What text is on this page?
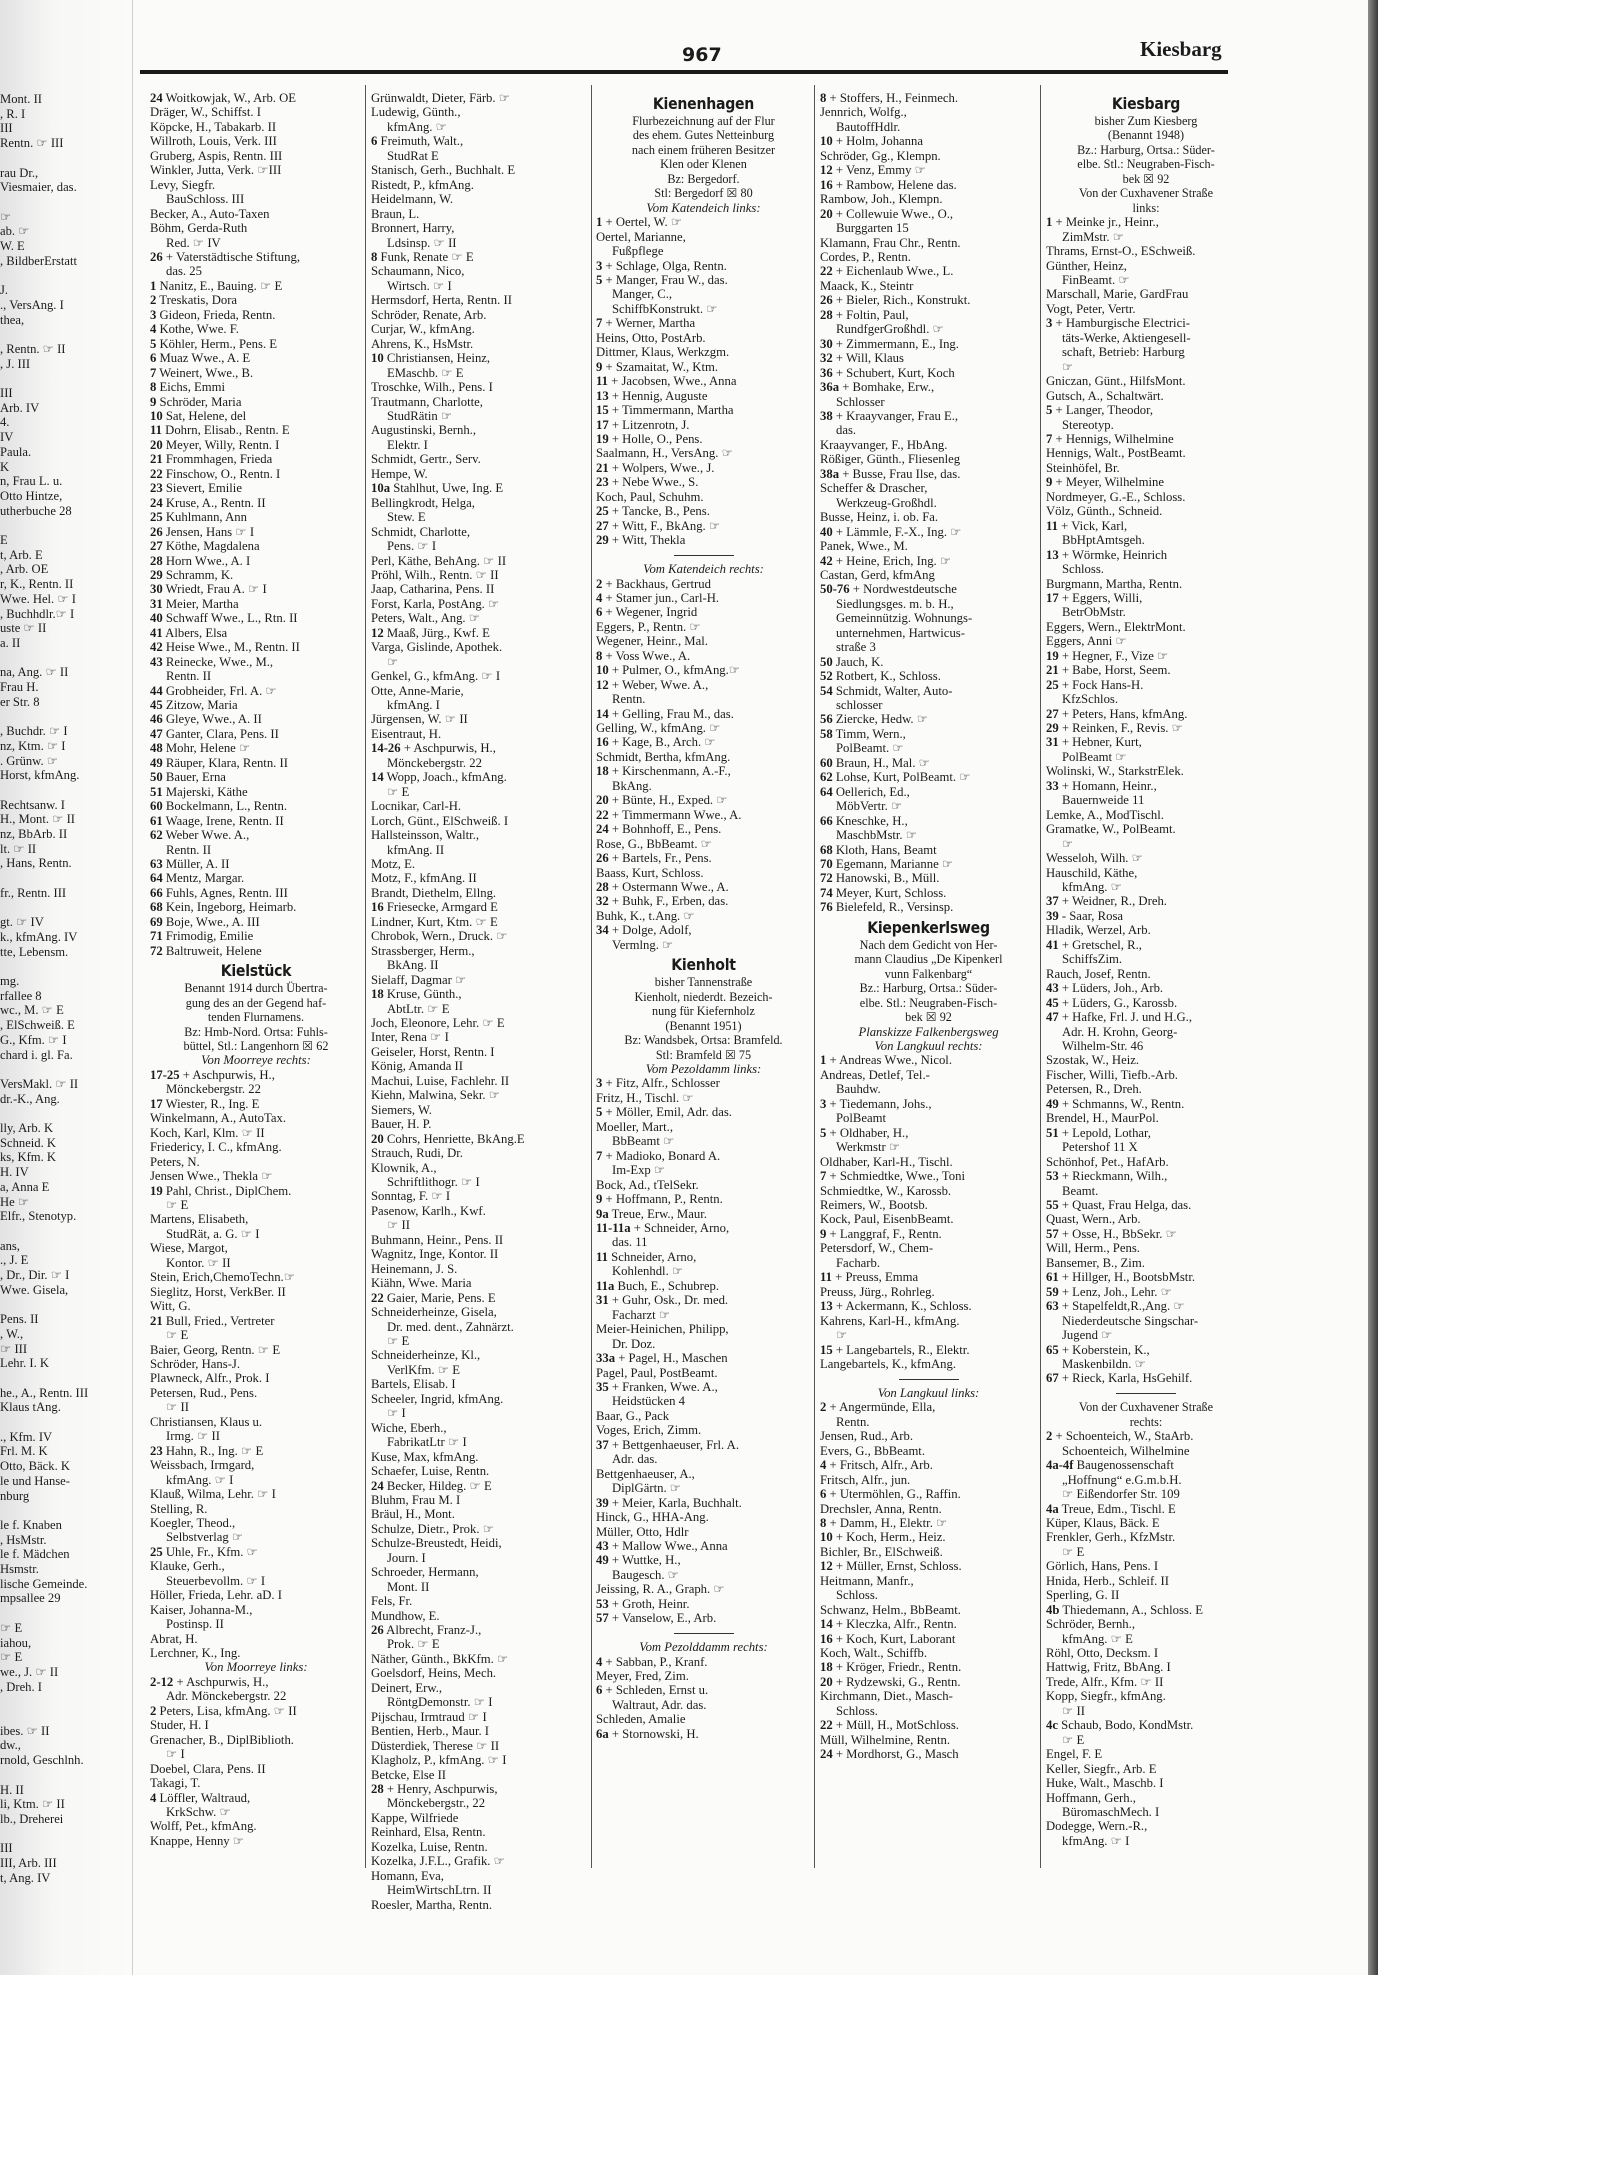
Mont. II
, R. I
III
Rentn. ☞ III
rau Dr.,
Viesmaier, das.
☞
ab. ☞
W. E
, BildberErstatt
J.
., VersAng. I
thea,
, Rentn. ☞ II
, J. III
III
Arb. IV
4.
IV
Paula.
K
n, Frau L. u.
Otto Hintze,
utherbuche 28
E
t, Arb. E
, Arb. OE
r, K., Rentn. II
Wwe. Hel. ☞ I
, Buchhdlr.☞ I
uste ☞ II
a. II
na, Ang. ☞ II
Frau H.
er Str. 8
, Buchdr. ☞ I
nz, Ktm. ☞ I
. Grünw. ☞
Horst, kfmAng.
Rechtsanw. I
H., Mont. ☞ II
nz, BbArb. II
lt. ☞ II
, Hans, Rentn.
fr., Rentn. III
gt. ☞ IV
k., kfmAng. IV
tte, Lebensm.
mg.
rfallee 8
wc., M. ☞ E
, ElSchweiß. E
G., Kfm. ☞ I
chard i. gl. Fa.
VersMakl. ☞ II
dr.-K., Ang.
lly, Arb. K
Schneid. K
ks, Kfm. K
H. IV
a, Anna E
He ☞
Elfr., Stenotyp.
ans,
., J. E
, Dr., Dir. ☞ I
Wwe. Gisela,
Pens. II
, W.,
☞ III
Lehr. I. K
he., A., Rentn. III
Klaus tAng.
., Kfm. IV
Frl. M. K
Otto, Bäck. K
le und Hanse-
nburg
le f. Knaben
, HsMstr.
le f. Mädchen
Hsmstr.
lische Gemeinde.
mpsallee 29
☞ E
iahou,
☞ E
we., J. ☞ II
, Dreh. I
ibes. ☞ II
dw.,
rnold, Geschlnh.
H. II
li, Ktm. ☞ II
lb., Dreherei
III
III, Arb. III
t, Ang. IV
967	Kiesbarg
24 Woitkowjak, W., Arb. OE
Dräger, W., Schiffst. I
Köpcke, H., Tabakarb. II
Willroth, Louis, Verk. III
Gruberg, Aspis, Rentn. III
Winkler, Jutta, Verk. ☞III
Levy, Siegfr.
BauSchloss. III
Becker, A., Auto-Taxen
Böhm, Gerda-Ruth
Red. ☞ IV
26 + Vaterstädtische Stiftung,
das. 25
1 Nanitz, E., Bauing. ☞ E
2 Treskatis, Dora
3 Gideon, Frieda, Rentn.
4 Kothe, Wwe. F.
5 Köhler, Herm., Pens. E
6 Muaz Wwe., A. E
7 Weinert, Wwe., B.
8 Eichs, Emmi
9 Schröder, Maria
10 Sat, Helene, del
11 Dohrn, Elisab., Rentn. E
20 Meyer, Willy, Rentn. I
21 Frommhagen, Frieda
22 Finschow, O., Rentn. I
23 Sievert, Emilie
24 Kruse, A., Rentn. II
25 Kuhlmann, Ann
26 Jensen, Hans ☞ I
27 Köthe, Magdalena
28 Horn Wwe., A. I
29 Schramm, K.
30 Wriedt, Frau A. ☞ I
31 Meier, Martha
40 Schwaff Wwe., L., Rtn. II
41 Albers, Elsa
42 Heise Wwe., M., Rentn. II
43 Reinecke, Wwe., M.,
Rentn. II
44 Grobheider, Frl. A. ☞
45 Zitzow, Maria
46 Gleye, Wwe., A. II
47 Ganter, Clara, Pens. II
48 Mohr, Helene ☞
49 Räuper, Klara, Rentn. II
50 Bauer, Erna
51 Majerski, Käthe
60 Bockelmann, L., Rentn.
61 Waage, Irene, Rentn. II
62 Weber Wwe. A.,
Rentn. II
63 Müller, A. II
64 Mentz, Margar.
66 Fuhls, Agnes, Rentn. III
68 Kein, Ingeborg, Heimarb.
69 Boje, Wwe., A. III
71 Frimodig, Emilie
72 Baltruweit, Helene
Kielstück
Benannt 1914 durch Übertra-
gung des an der Gegend haf-
tenden Flurnamens.
Bz: Hmb-Nord. Ortsa: Fuhls-
büttel, Stl.: Langenhorn ☒ 62
Von Moorreye rechts:
17-25 + Aschpurwis, H.,
Mönckebergstr. 22
17 Wiester, R., Ing. E
Winkelmann, A., AutoTax.
Koch, Karl, Klm. ☞ II
Friedericy, I. C., kfmAng.
Peters, N.
Jensen Wwe., Thekla ☞
19 Pahl, Christ., DiplChem.
☞ E
Martens, Elisabeth,
StudRät, a. G. ☞ I
Wiese, Margot,
Kontor. ☞ II
Stein, Erich,ChemoTechn.☞
Sieglitz, Horst, VerkBer. II
Witt, G.
21 Bull, Fried., Vertreter
☞ E
Baier, Georg, Rentn. ☞ E
Schröder, Hans-J.
Plawneck, Alfr., Prok. I
Petersen, Rud., Pens.
☞ II
Christiansen, Klaus u.
Irmg. ☞ II
23 Hahn, R., Ing. ☞ E
Weissbach, Irmgard,
kfmAng. ☞ I
Klauß, Wilma, Lehr. ☞ I
Stelling, R.
Koegler, Theod.,
Selbstverlag ☞
25 Uhle, Fr., Kfm. ☞
Klauke, Gerh.,
Steuerbevollm. ☞ I
Höller, Frieda, Lehr. aD. I
Kaiser, Johanna-M.,
Postinsp. II
Abrat, H.
Lerchner, K., Ing.
Von Moorreye links:
2-12 + Aschpurwis, H.,
Adr. Mönckebergstr. 22
2 Peters, Lisa, kfmAng. ☞ II
Studer, H. I
Grenacher, B., DiplBiblioth.
☞ I
Doebel, Clara, Pens. II
Takagi, T.
4 Löffler, Waltraud,
KrkSchw. ☞
Wolff, Pet., kfmAng.
Knappe, Henny ☞
Grünwaldt, Dieter, Färb. ☞
Ludewig, Günth.,
kfmAng. ☞
6 Freimuth, Walt.,
StudRat E
Stanisch, Gerh., Buchhalt. E
Ristedt, P., kfmAng.
Heidelmann, W.
Braun, L.
Bronnert, Harry,
Ldsinsp. ☞ II
8 Funk, Renate ☞ E
Schaumann, Nico,
Wirtsch. ☞ I
Hermsdorf, Herta, Rentn. II
Schröder, Renate, Arb.
Curjar, W., kfmAng.
Ahrens, K., HsMstr.
10 Christiansen, Heinz,
EMaschb. ☞ E
Troschke, Wilh., Pens. I
Trautmann, Charlotte,
StudRätin ☞
Augustinski, Bernh.,
Elektr. I
Schmidt, Gertr., Serv.
Hempe, W.
10a Stahlhut, Uwe, Ing. E
Bellingkrodt, Helga,
Stew. E
Schmidt, Charlotte,
Pens. ☞ I
Perl, Käthe, BehAng. ☞ II
Pröhl, Wilh., Rentn. ☞ II
Jaap, Catharina, Pens. II
Forst, Karla, PostAng. ☞
Peters, Walt., Ang. ☞
12 Maaß, Jürg., Kwf. E
Varga, Gislinde, Apothek.
☞
Genkel, G., kfmAng. ☞ I
Otte, Anne-Marie,
kfmAng. I
Jürgensen, W. ☞ II
Eisentraut, H.
14-26 + Aschpurwis, H.,
Mönckebergstr. 22
14 Wopp, Joach., kfmAng.
☞ E
Locnikar, Carl-H.
Lorch, Günt., ElSchweiß. I
Hallsteinsson, Waltr.,
kfmAng. II
Motz, E.
Motz, F., kfmAng. II
Brandt, Diethelm, Ellng.
16 Friesecke, Armgard E
Lindner, Kurt, Ktm. ☞ E
Chrobok, Wern., Druck. ☞
Strassberger, Herm.,
BkAng. II
Sielaff, Dagmar ☞
18 Kruse, Günth.,
AbtLtr. ☞ E
Joch, Eleonore, Lehr. ☞ E
Inter, Rena ☞ I
Geiseler, Horst, Rentn. I
König, Amanda II
Machui, Luise, Fachlehr. II
Kiehn, Malwina, Sekr. ☞
Siemers, W.
Bauer, H. P.
20 Cohrs, Henriette, BkAng.E
Strauch, Rudi, Dr.
Klownik, A.,
Schriftlithogr. ☞ I
Sonntag, F. ☞ I
Pasenow, Karlh., Kwf.
☞ II
Buhmann, Heinr., Pens. II
Wagnitz, Inge, Kontor. II
Heinemann, J. S.
Kiähn, Wwe. Maria
22 Gaier, Marie, Pens. E
Schneiderheinze, Gisela,
Dr. med. dent., Zahnärzt.
☞ E
Schneiderheinze, Kl.,
VerlKfm. ☞ E
Bartels, Elisab. I
Scheeler, Ingrid, kfmAng.
☞ I
Wiche, Eberh.,
FabrikatLtr ☞ I
Kuse, Max, kfmAng.
Schaefer, Luise, Rentn.
24 Becker, Hildeg. ☞ E
Bluhm, Frau M. I
Bräul, H., Mont.
Schulze, Dietr., Prok. ☞
Schulze-Breustedt, Heidi,
Journ. I
Schroeder, Hermann,
Mont. II
Fels, Fr.
Mundhow, E.
26 Albrecht, Franz-J.,
Prok. ☞ E
Näther, Günth., BkKfm. ☞
Goelsdorf, Heins, Mech.
Deinert, Erw.,
RöntgDemonstr. ☞ I
Pijschau, Irmtraud ☞ I
Bentien, Herb., Maur. I
Düsterdiek, Therese ☞ II
Klagholz, P., kfmAng. ☞ I
Betcke, Else II
28 + Henry, Aschpurwis,
Mönckebergstr., 22
Kappe, Wilfriede
Reinhard, Elsa, Rentn.
Kozelka, Luise, Rentn.
Kozelka, J.F.L., Grafik. ☞
Homann, Eva,
HeimWirtschLtrn. II
Roesler, Martha, Rentn.
Kienenhagen
Flurbezeichnung auf der Flur
des ehem. Gutes Netteinburg
nach einem früheren Besitzer
Klen oder Klenen
Bz: Bergedorf.
Stl: Bergedorf ☒ 80
Vom Katendeich links:
1 + Oertel, W. ☞
Oertel, Marianne,
Fußpflege
3 + Schlage, Olga, Rentn.
5 + Manger, Frau W., das.
Manger, C.,
SchiffbKonstrukt. ☞
7 + Werner, Martha
Heins, Otto, PostArb.
Dittmer, Klaus, Werkzgm.
9 + Szamaitat, W., Ktm.
11 + Jacobsen, Wwe., Anna
13 + Hennig, Auguste
15 + Timmermann, Martha
17 + Litzenrotn, J.
19 + Holle, O., Pens.
Saalmann, H., VersAng. ☞
21 + Wolpers, Wwe., J.
23 + Nebe Wwe., S.
Koch, Paul, Schuhm.
25 + Tancke, B., Pens.
27 + Witt, F., BkAng. ☞
29 + Witt, Thekla
Vom Katendeich rechts:
2 + Backhaus, Gertrud
4 + Stamer jun., Carl-H.
6 + Wegener, Ingrid
Eggers, P., Rentn. ☞
Wegener, Heinr., Mal.
8 + Voss Wwe., A.
10 + Pulmer, O., kfmAng.☞
12 + Weber, Wwe. A.,
Rentn.
14 + Gelling, Frau M., das.
Gelling, W., kfmAng. ☞
16 + Kage, B., Arch. ☞
Schmidt, Bertha, kfmAng.
18 + Kirschenmann, A.-F.,
BkAng.
20 + Bünte, H., Exped. ☞
22 + Timmermann Wwe., A.
24 + Bohnhoff, E., Pens.
Rose, G., BbBeamt. ☞
26 + Bartels, Fr., Pens.
Baass, Kurt, Schloss.
28 + Ostermann Wwe., A.
32 + Buhk, F., Erben, das.
Buhk, K., t.Ang. ☞
34 + Dolge, Adolf,
Vermlng. ☞
Kienholt
bisher Tannenstraße
Kienholt, niederdt. Bezeich-
nung für Kiefernholz
(Benannt 1951)
Bz: Wandsbek, Ortsa: Bramfeld.
Stl: Bramfeld ☒ 75
Vom Pezoldamm links:
3 + Fitz, Alfr., Schlosser
Fritz, H., Tischl. ☞
5 + Möller, Emil, Adr. das.
Moeller, Mart.,
BbBeamt ☞
7 + Madioko, Bonard A.
Im-Exp ☞
Bock, Ad., tTelSekr.
9 + Hoffmann, P., Rentn.
9a Treue, Erw., Maur.
11-11a + Schneider, Arno,
das. 11
11 Schneider, Arno,
Kohlenhdl. ☞
11a Buch, E., Schubrep.
31 + Guhr, Osk., Dr. med.
Facharzt ☞
Meier-Heinichen, Philipp,
Dr. Doz.
33a + Pagel, H., Maschen
Pagel, Paul, PostBeamt.
35 + Franken, Wwe. A.,
Heidstücken 4
Baar, G., Pack
Voges, Erich, Zimm.
37 + Bettgenhaeuser, Frl. A.
Adr. das.
Bettgenhaeuser, A.,
DiplGärtn. ☞
39 + Meier, Karla, Buchhalt.
Hinck, G., HHA-Ang.
Müller, Otto, Hdlr
43 + Mallow Wwe., Anna
49 + Wuttke, H.,
Baugesch. ☞
Jeissing, R. A., Graph. ☞
53 + Groth, Heinr.
57 + Vanselow, E., Arb.
Vom Pezolddamm rechts:
4 + Sabban, P., Kranf.
Meyer, Fred, Zim.
6 + Schleden, Ernst u.
Waltraut, Adr. das.
Schleden, Amalie
6a + Stornowski, H.
8 + Stoffers, H., Feinmech.
Jennrich, Wolfg.,
BautoffHdlr.
10 + Holm, Johanna
Schröder, Gg., Klempn.
12 + Venz, Emmy ☞
16 + Rambow, Helene das.
Rambow, Joh., Klempn.
20 + Collewuie Wwe., O.,
Burggarten 15
Klamann, Frau Chr., Rentn.
Cordes, P., Rentn.
22 + Eichenlaub Wwe., L.
Maack, K., Steintr
26 + Bieler, Rich., Konstrukt.
28 + Foltin, Paul,
RundfgerGroßhdl. ☞
30 + Zimmermann, E., Ing.
32 + Will, Klaus
36 + Schubert, Kurt, Koch
36a + Bomhake, Erw.,
Schlosser
38 + Kraayvanger, Frau E.,
das.
Kraayvanger, F., HbAng.
Rößiger, Günth., Fliesenleg
38a + Busse, Frau Ilse, das.
Scheffer & Drascher,
Werkzeug-Großhdl.
Busse, Heinz, i. ob. Fa.
40 + Lämmle, F.-X., Ing. ☞
Panek, Wwe., M.
42 + Heine, Erich, Ing. ☞
Castan, Gerd, kfmAng
50-76 + Nordwestdeutsche
Siedlungsges. m. b. H.,
Gemeinnützig. Wohnungs-
unternehmen, Hartwicus-
straße 3
50 Jauch, K.
52 Rotbert, K., Schloss.
54 Schmidt, Walter, Auto-
schlosser
56 Ziercke, Hedw. ☞
58 Timm, Wern.,
PolBeamt. ☞
60 Braun, H., Mal. ☞
62 Lohse, Kurt, PolBeamt. ☞
64 Oellerich, Ed.,
MöbVertr. ☞
66 Kneschke, H.,
MaschbMstr. ☞
68 Kloth, Hans, Beamt
70 Egemann, Marianne ☞
72 Hanowski, B., Müll.
74 Meyer, Kurt, Schloss.
76 Bielefeld, R., Versinsp.
Kiepenkerlsweg
Nach dem Gedicht von Her-
mann Claudius „De Kipenkerl
vunn Falkenbarg“
Bz.: Harburg, Ortsa.: Süder-
elbe. Stl.: Neugraben-Fisch-
bek ☒ 92
Planskizze Falkenbergsweg
Von Langkuul rechts:
1 + Andreas Wwe., Nicol.
Andreas, Detlef, Tel.-
Bauhdw.
3 + Tiedemann, Johs.,
PolBeamt
5 + Oldhaber, H.,
Werkmstr ☞
Oldhaber, Karl-H., Tischl.
7 + Schmiedtke, Wwe., Toni
Schmiedtke, W., Karossb.
Reimers, W., Bootsb.
Kock, Paul, EisenbBeamt.
9 + Langgraf, F., Rentn.
Petersdorf, W., Chem-
Facharb.
11 + Preuss, Emma
Preuss, Jürg., Rohrleg.
13 + Ackermann, K., Schloss.
Kahrens, Karl-H., kfmAng.
☞
15 + Langebartels, R., Elektr.
Langebartels, K., kfmAng.
Von Langkuul links:
2 + Angermünde, Ella,
Rentn.
Jensen, Rud., Arb.
Evers, G., BbBeamt.
4 + Fritsch, Alfr., Arb.
Fritsch, Alfr., jun.
6 + Utermöhlen, G., Raffin.
Drechsler, Anna, Rentn.
8 + Damm, H., Elektr. ☞
10 + Koch, Herm., Heiz.
Bichler, Br., ElSchweiß.
12 + Müller, Ernst, Schloss.
Heitmann, Manfr.,
Schloss.
Schwanz, Helm., BbBeamt.
14 + Kleczka, Alfr., Rentn.
16 + Koch, Kurt, Laborant
Koch, Walt., Schiffb.
18 + Kröger, Friedr., Rentn.
20 + Rydzewski, G., Rentn.
Kirchmann, Diet., Masch-
Schloss.
22 + Müll, H., MotSchloss.
Müll, Wilhelmine, Rentn.
24 + Mordhorst, G., Masch
Kiesbarg
bisher Zum Kiesberg
(Benannt 1948)
Bz.: Harburg, Ortsa.: Süder-
elbe. Stl.: Neugraben-Fisch-
bek ☒ 92
Von der Cuxhavener Straße
links:
1 + Meinke jr., Heinr.,
ZimMstr. ☞
Thrams, Ernst-O., ESchweiß.
Günther, Heinz,
FinBeamt. ☞
Marschall, Marie, GardFrau
Vogt, Peter, Vertr.
3 + Hamburgische Electrici-
täts-Werke, Aktiengesell-
schaft, Betrieb: Harburg
☞
Gniczan, Günt., HilfsMont.
Gutsch, A., Schaltwärt.
5 + Langer, Theodor,
Stereotyp.
7 + Hennigs, Wilhelmine
Hennigs, Walt., PostBeamt.
Steinhöfel, Br.
9 + Meyer, Wilhelmine
Nordmeyer, G.-E., Schloss.
Völz, Günth., Schneid.
11 + Vick, Karl,
BbHptAmtsgeh.
13 + Wörmke, Heinrich
Schloss.
Burgmann, Martha, Rentn.
17 + Eggers, Willi,
BetrObMstr.
Eggers, Wern., ElektrMont.
Eggers, Anni ☞
19 + Hegner, F., Vize ☞
21 + Babe, Horst, Seem.
25 + Fock Hans-H.
KfzSchlos.
27 + Peters, Hans, kfmAng.
29 + Reinken, F., Revis. ☞
31 + Hebner, Kurt,
PolBeamt ☞
Wolinski, W., StarkstrElek.
33 + Homann, Heinr.,
Bauernweide 11
Lemke, A., ModTischl.
Gramatke, W., PolBeamt.
☞
Wesseloh, Wilh. ☞
Hauschild, Käthe,
kfmAng. ☞
37 + Weidner, R., Dreh.
39 - Saar, Rosa
Hladik, Werzel, Arb.
41 + Gretschel, R.,
SchiffsZim.
Rauch, Josef, Rentn.
43 + Lüders, Joh., Arb.
45 + Lüders, G., Karossb.
47 + Hafke, Frl. J. und H.G.,
Adr. H. Krohn, Georg-
Wilhelm-Str. 46
Szostak, W., Heiz.
Fischer, Willi, Tiefb.-Arb.
Petersen, R., Dreh.
49 + Schmanns, W., Rentn.
Brendel, H., MaurPol.
51 + Lepold, Lothar,
Petershof 11 X
Schönhof, Pet., HafArb.
53 + Rieckmann, Wilh.,
Beamt.
55 + Quast, Frau Helga, das.
Quast, Wern., Arb.
57 + Osse, H., BbSekr. ☞
Will, Herm., Pens.
Bansemer, B., Zim.
61 + Hillger, H., BootsbMstr.
59 + Lenz, Joh., Lehr. ☞
63 + Stapelfeldt,R.,Ang. ☞
Niederdeutsche Singschar-
Jugend ☞
65 + Koberstein, K.,
Maskenbildn. ☞
67 + Rieck, Karla, HsGehilf.
Von der Cuxhavener Straße
rechts:
2 + Schoenteich, W., StaArb.
Schoenteich, Wilhelmine
4a-4f Baugenossenschaft
„Hoffnung“ e.G.m.b.H.
☞ Eißendorfer Str. 109
4a Treue, Edm., Tischl. E
Küper, Klaus, Bäck. E
Frenkler, Gerh., KfzMstr.
☞ E
Görlich, Hans, Pens. I
Hnida, Herb., Schleif. II
Sperling, G. II
4b Thiedemann, A., Schloss. E
Schröder, Bernh.,
kfmAng. ☞ E
Röhl, Otto, Decksm. I
Hattwig, Fritz, BbAng. I
Trede, Alfr., Kfm. ☞ II
Kopp, Siegfr., kfmAng.
☞ II
4c Schaub, Bodo, KondMstr.
☞ E
Engel, F. E
Keller, Siegfr., Arb. E
Huke, Walt., Maschb. I
Hoffmann, Gerh.,
BüromaschMech. I
Dodegge, Wern.-R.,
kfmAng. ☞ I
